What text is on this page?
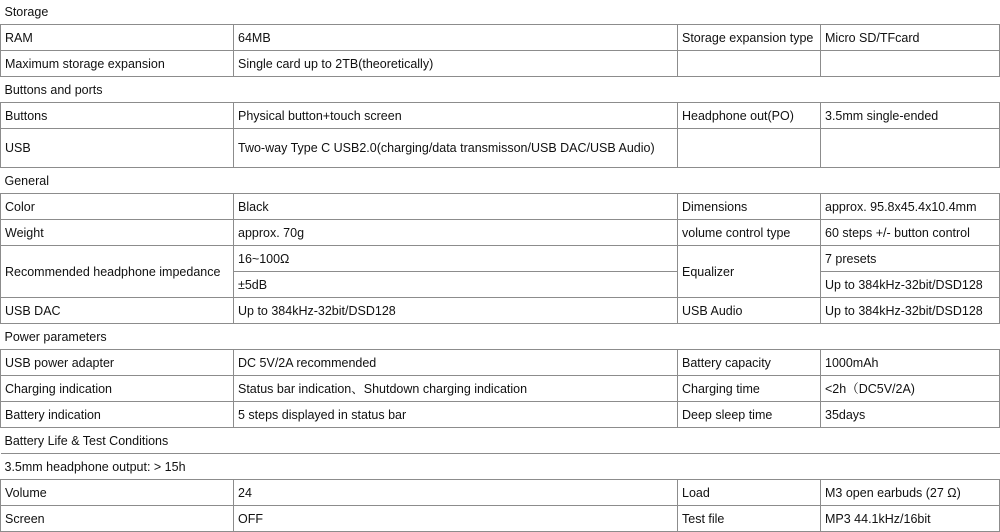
Storage			
RAM	64MB	Storage expansion type	Micro SD/TFcard
Maximum storage expansion	Single card up to 2TB(theoretically)		
Buttons and ports			
Buttons	Physical button+touch screen	Headphone out(PO)	3.5mm single-ended
USB	Two-way Type C USB2.0(charging/data transmisson/USB DAC/USB Audio)		
General			
Color	Black	Dimensions	approx. 95.8x45.4x10.4mm
Weight	approx. 70g	volume control type	60 steps +/- button control
Recommended headphone impedance	16~100Ω	Equalizer	7 presets
	±5dB		Up to 384kHz-32bit/DSD128
USB DAC	Up to 384kHz-32bit/DSD128	USB Audio	Up to 384kHz-32bit/DSD128
Power parameters			
USB power adapter	DC 5V/2A recommended	Battery capacity	1000mAh
Charging indication	Status bar indication、Shutdown charging indication	Charging time	<2h（DC5V/2A)
Battery indication	5 steps displayed in status bar	Deep sleep time	35days
Battery Life & Test Conditions			
3.5mm headphone output: > 15h			
Volume	24	Load	M3 open earbuds (27 Ω)
Screen	OFF	Test file	MP3 44.1kHz/16bit
